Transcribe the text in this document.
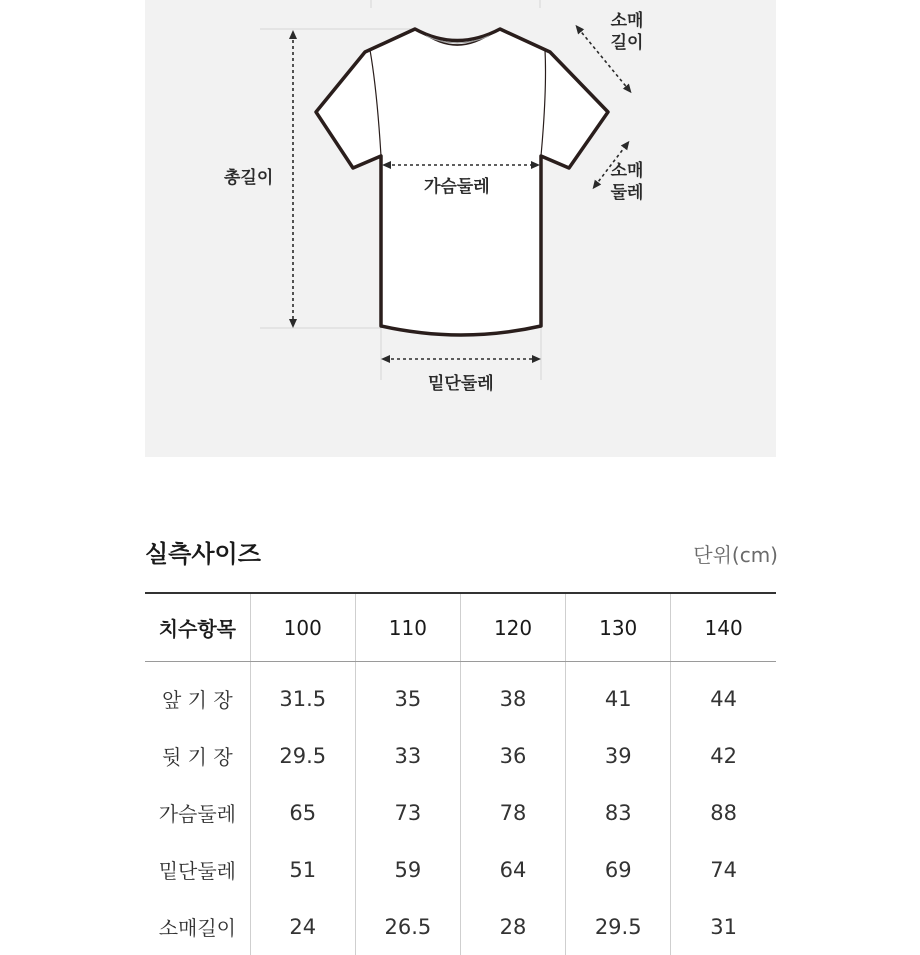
총길이	가슴둘레
밑단둘레
소매
길이
소매
둘레
실측사이즈	단위(cm)
치수항목	100	110	120	130	140
앞 기 장	31.5	35	38	41	44
뒷 기 장	29.5	33	36	39	42
가슴둘레	65	73	78	83	88
밑단둘레	51	59	64	69	74
소매길이	24	26.5	28	29.5	31
